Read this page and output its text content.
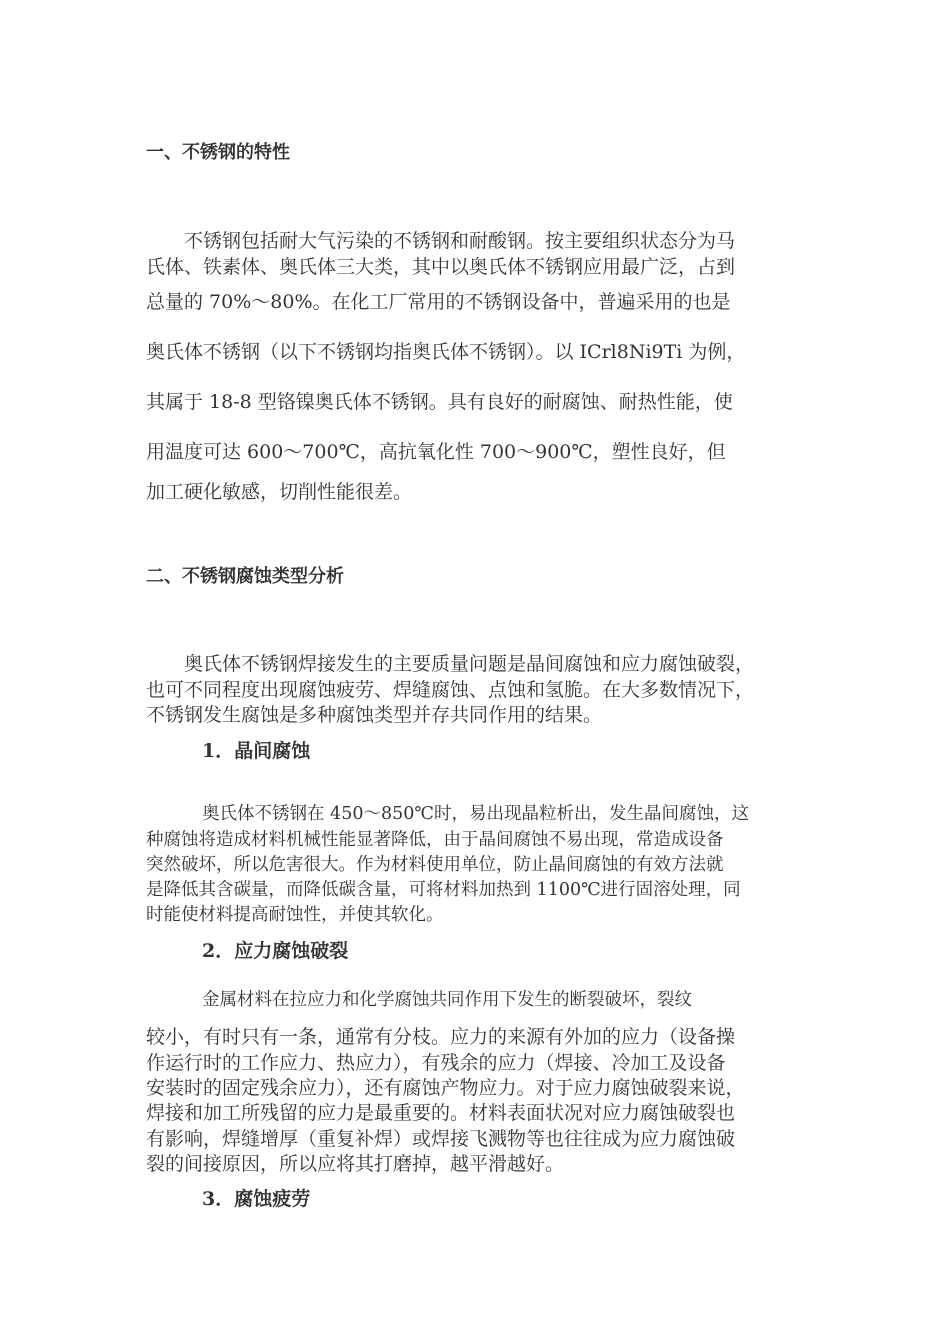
一、不锈钢的特性

不锈钢包括耐大气污染的不锈钢和耐酸钢。按主要组织状态分为马

氏体、铁素体、奥氏体三大类，其中以奥氏体不锈钢应用最广泛，占到

总量的 70%～80%。在化工厂常用的不锈钢设备中，普遍采用的也是

奥氏体不锈钢（以下不锈钢均指奥氏体不锈钢）。以 ICrl8Ni9Ti 为例，

其属于 18-8 型铬镍奥氏体不锈钢。具有良好的耐腐蚀、耐热性能，使

用温度可达 600～700℃，高抗氧化性 700～900℃，塑性良好，但

加工硬化敏感，切削性能很差。

二、不锈钢腐蚀类型分析

奥氏体不锈钢焊接发生的主要质量问题是晶间腐蚀和应力腐蚀破裂，

也可不同程度出现腐蚀疲劳、焊缝腐蚀、点蚀和氢脆。在大多数情况下，

不锈钢发生腐蚀是多种腐蚀类型并存共同作用的结果。

1．晶间腐蚀

奥氏体不锈钢在 450～850℃时，易出现晶粒析出，发生晶间腐蚀，这

种腐蚀将造成材料机械性能显著降低，由于晶间腐蚀不易出现，常造成设备

突然破坏，所以危害很大。作为材料使用单位，防止晶间腐蚀的有效方法就

是降低其含碳量，而降低碳含量，可将材料加热到 1100℃进行固溶处理，同

时能使材料提高耐蚀性，并使其软化。

2．应力腐蚀破裂

金属材料在拉应力和化学腐蚀共同作用下发生的断裂破坏，裂纹

较小，有时只有一条，通常有分枝。应力的来源有外加的应力（设备操

作运行时的工作应力、热应力），有残余的应力（焊接、冷加工及设备

安装时的固定残余应力），还有腐蚀产物应力。对于应力腐蚀破裂来说，

焊接和加工所残留的应力是最重要的。材料表面状况对应力腐蚀破裂也

有影响，焊缝增厚（重复补焊）或焊接飞溅物等也往往成为应力腐蚀破

裂的间接原因，所以应将其打磨掉，越平滑越好。

3．腐蚀疲劳
